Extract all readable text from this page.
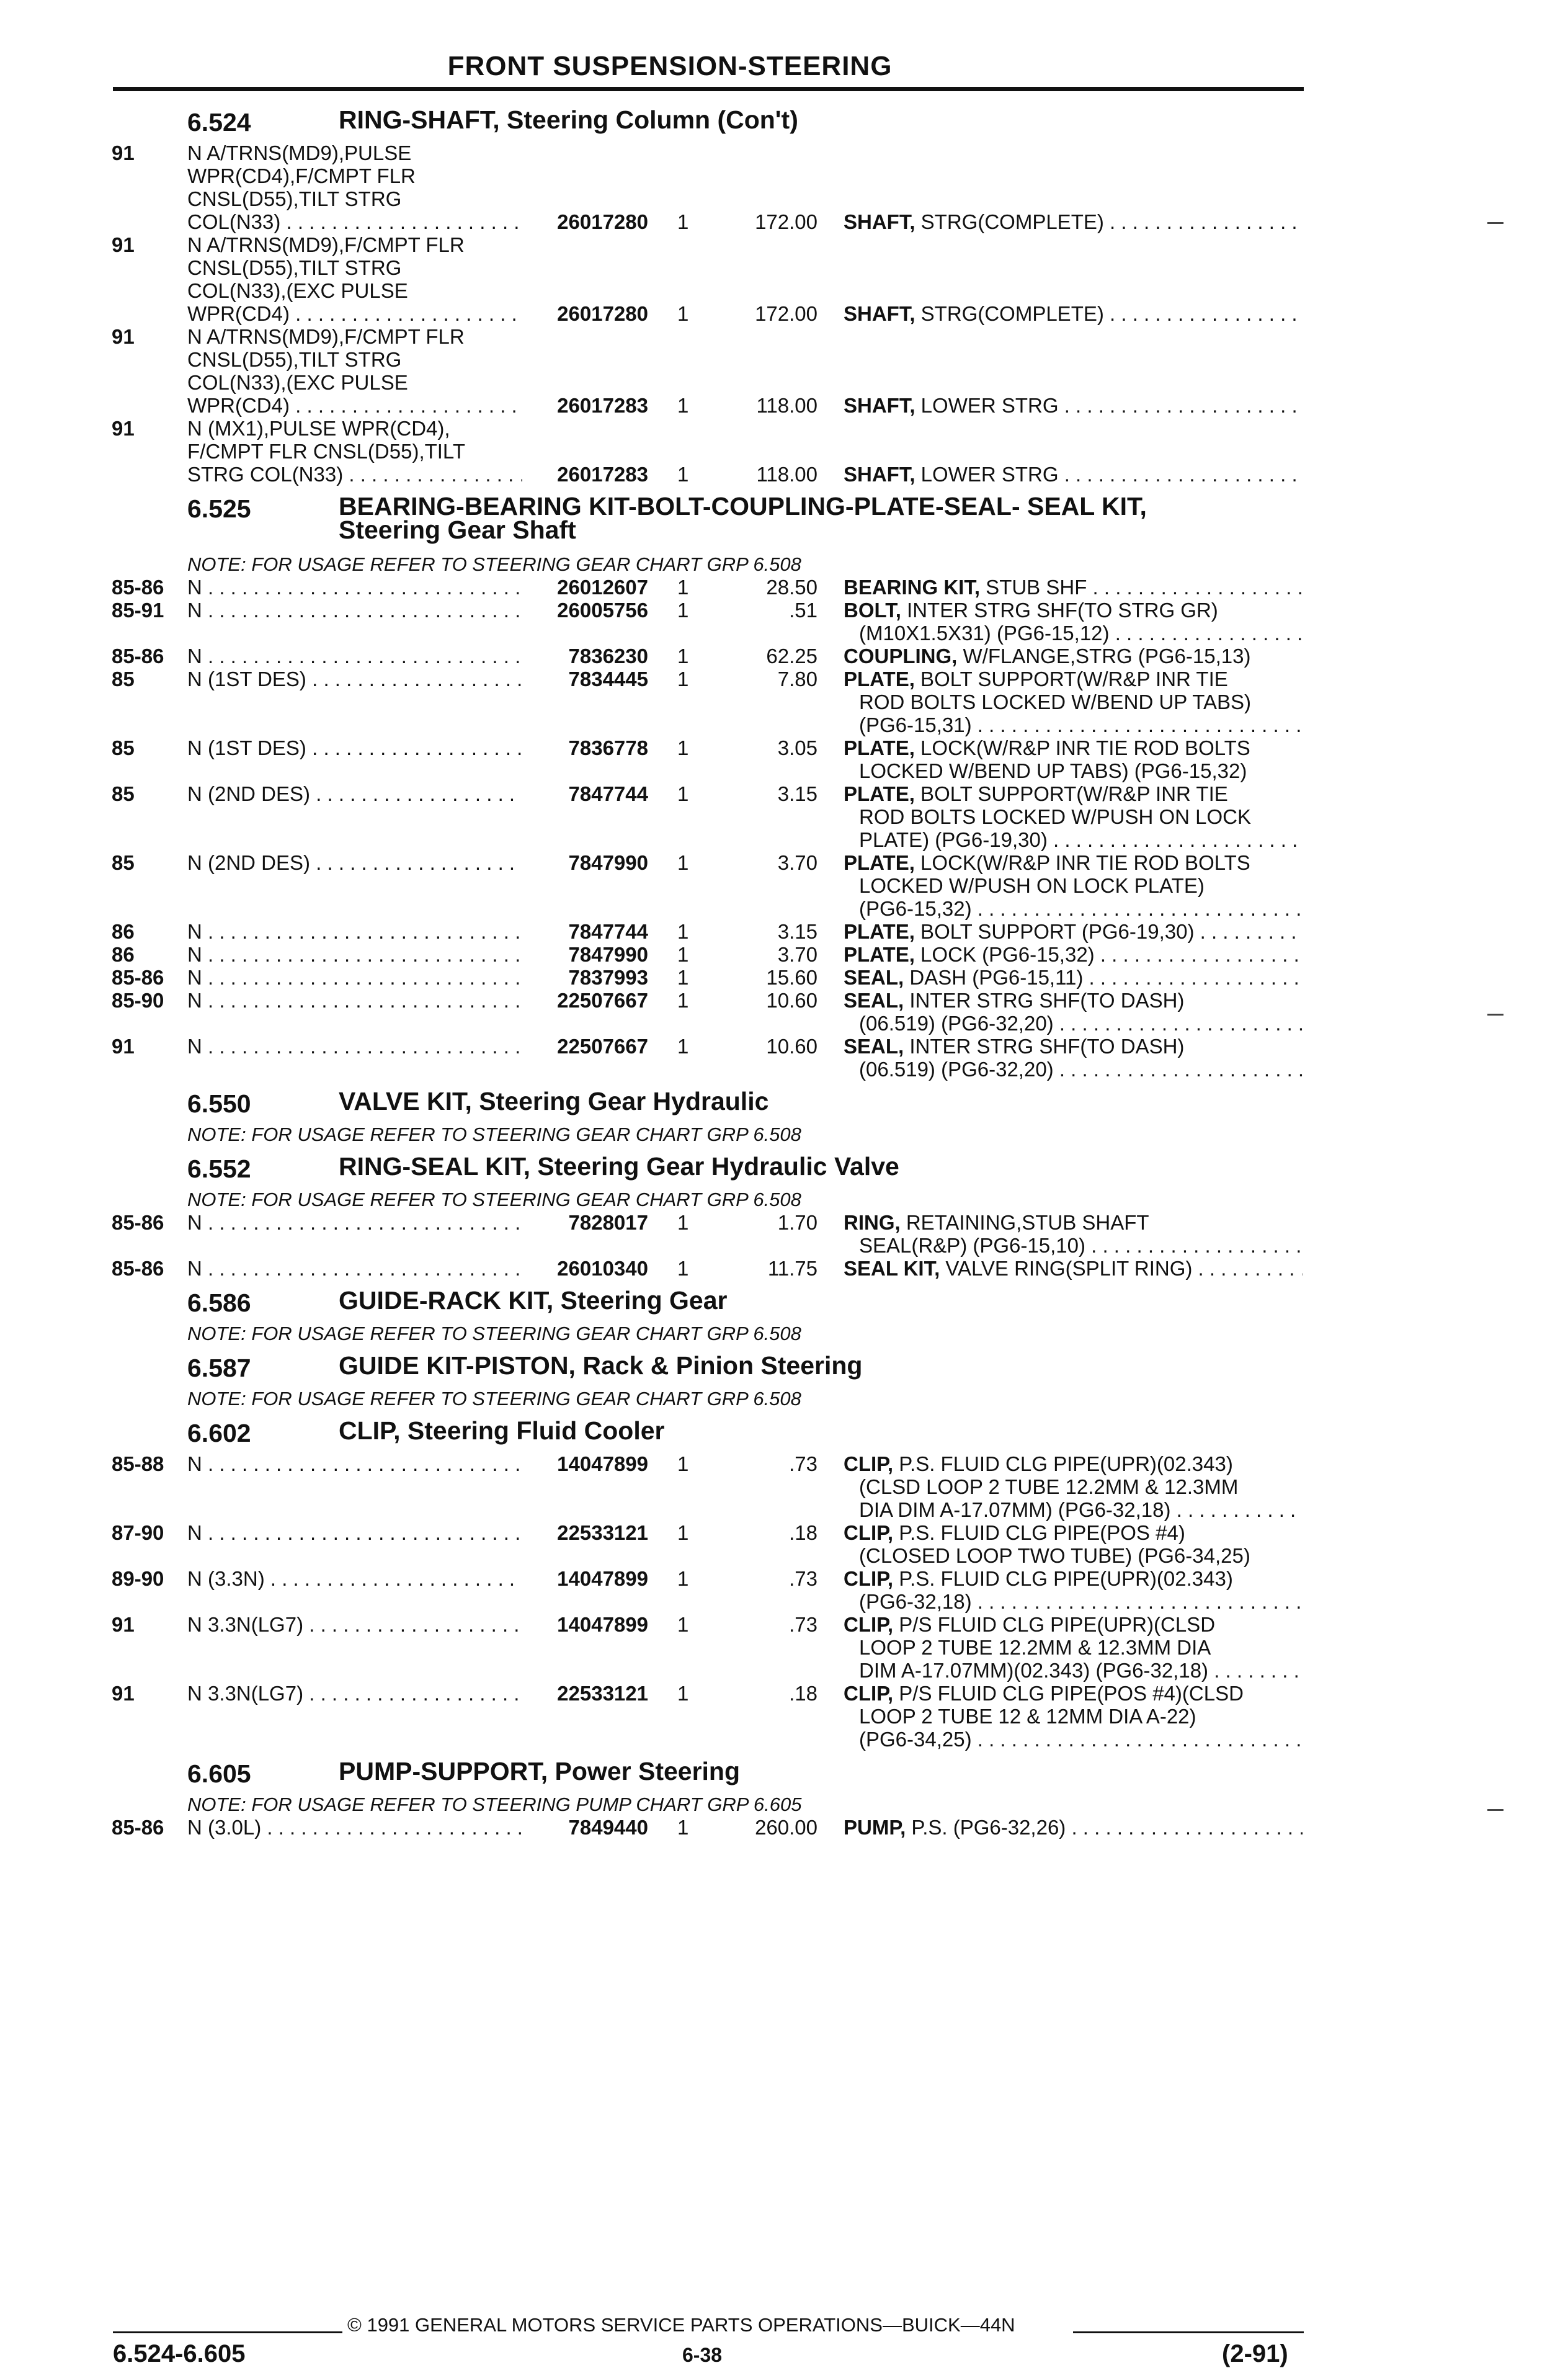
FRONT SUSPENSION-STEERING
6.524	RING-SHAFT, Steering Column (Con't)
91	N A/TRNS(MD9),PULSE
WPR(CD4),F/CMPT FLR
CNSL(D55),TILT STRG
COL(N33) . . .	26017280 1	172.00 SHAFT, STRG(COMPLETE) . . .
91	N A/TRNS(MD9),F/CMPT FLR
CNSL(D55),TILT STRG
COL(N33),(EXC PULSE
WPR(CD4) . . .	26017280 1	172.00 SHAFT, STRG(COMPLETE) . . .
91	N A/TRNS(MD9),F/CMPT FLR
CNSL(D55),TILT STRG
COL(N33),(EXC PULSE
WPR(CD4) . . .	26017283 1	118.00 SHAFT, LOWER STRG . . .
91	N (MX1),PULSE WPR(CD4),
F/CMPT FLR CNSL(D55),TILT
STRG COL(N33) . . .	26017283 1	118.00 SHAFT, LOWER STRG . . .
6.525	BEARING-BEARING KIT-BOLT-COUPLING-PLATE-SEAL- SEAL KIT,
Steering Gear Shaft
NOTE: FOR USAGE REFER TO STEERING GEAR CHART GRP 6.508
85-86 N . . .	26012607 1	28.50 BEARING KIT, STUB SHF . . .
85-91 N . . .	26005756 1	.51 BOLT, INTER STRG SHF(TO STRG GR)
(M10X1.5X31) (PG6-15,12) . . .
85-86 N . . .	7836230 1	62.25 COUPLING, W/FLANGE,STRG (PG6-15,13)
85	N (1ST DES) . . .	7834445 1	7.80 PLATE, BOLT SUPPORT(W/R&P INR TIE
ROD BOLTS LOCKED W/BEND UP TABS)
(PG6-15,31) . . .
85	N (1ST DES) . . .	7836778 1	3.05 PLATE, LOCK(W/R&P INR TIE ROD BOLTS
LOCKED W/BEND UP TABS) (PG6-15,32)
85	N (2ND DES) . . .	7847744 1	3.15 PLATE, BOLT SUPPORT(W/R&P INR TIE
ROD BOLTS LOCKED W/PUSH ON LOCK
PLATE) (PG6-19,30) . . .
85	N (2ND DES) . . .	7847990 1	3.70 PLATE, LOCK(W/R&P INR TIE ROD BOLTS
LOCKED W/PUSH ON LOCK PLATE)
(PG6-15,32) . . .
86	N . . .	7847744 1	3.15 PLATE, BOLT SUPPORT (PG6-19,30) . . .
86	N . . .	7847990 1	3.70 PLATE, LOCK (PG6-15,32) . . .
85-86 N . . .	7837993 1	15.60 SEAL, DASH (PG6-15,11) . . .
85-90 N . . .	22507667 1	10.60 SEAL, INTER STRG SHF(TO DASH)
(06.519) (PG6-32,20) . . .
91	N . . .	22507667 1	10.60 SEAL, INTER STRG SHF(TO DASH)
(06.519) (PG6-32,20) . . .
6.550	VALVE KIT, Steering Gear Hydraulic
NOTE: FOR USAGE REFER TO STEERING GEAR CHART GRP 6.508
6.552	RING-SEAL KIT, Steering Gear Hydraulic Valve
NOTE: FOR USAGE REFER TO STEERING GEAR CHART GRP 6.508
85-86 N . . .	7828017 1	1.70 RING, RETAINING,STUB SHAFT
SEAL(R&P) (PG6-15,10) . . .
85-86 N . . .	26010340 1	11.75 SEAL KIT, VALVE RING(SPLIT RING) . . .
6.586	GUIDE-RACK KIT, Steering Gear
NOTE: FOR USAGE REFER TO STEERING GEAR CHART GRP 6.508
6.587	GUIDE KIT-PISTON, Rack & Pinion Steering
NOTE: FOR USAGE REFER TO STEERING GEAR CHART GRP 6.508
6.602	CLIP, Steering Fluid Cooler
85-88 N . . .	14047899 1	.73 CLIP, P.S. FLUID CLG PIPE(UPR)(02.343)
(CLSD LOOP 2 TUBE 12.2MM & 12.3MM
DIA DIM A-17.07MM) (PG6-32,18) . . .
87-90 N . . .	22533121 1	.18 CLIP, P.S. FLUID CLG PIPE(POS #4)
(CLOSED LOOP TWO TUBE) (PG6-34,25)
89-90 N (3.3N) . . .	14047899 1	.73 CLIP, P.S. FLUID CLG PIPE(UPR)(02.343)
(PG6-32,18) . . .
91	N 3.3N(LG7) . . .	14047899 1	.73 CLIP, P/S FLUID CLG PIPE(UPR)(CLSD
LOOP 2 TUBE 12.2MM & 12.3MM DIA
DIM A-17.07MM)(02.343) (PG6-32,18) . . .
91	N 3.3N(LG7) . . .	22533121 1	.18 CLIP, P/S FLUID CLG PIPE(POS #4)(CLSD
LOOP 2 TUBE 12 & 12MM DIA A-22)
(PG6-34,25) . . .
6.605	PUMP-SUPPORT, Power Steering
NOTE: FOR USAGE REFER TO STEERING PUMP CHART GRP 6.605
85-86 N (3.0L) . . .	7849440 1	260.00 PUMP, P.S. (PG6-32,26) . . .
© 1991 GENERAL MOTORS SERVICE PARTS OPERATIONS—BUICK—44N
6.524-6.605	6-38	(2-91)
